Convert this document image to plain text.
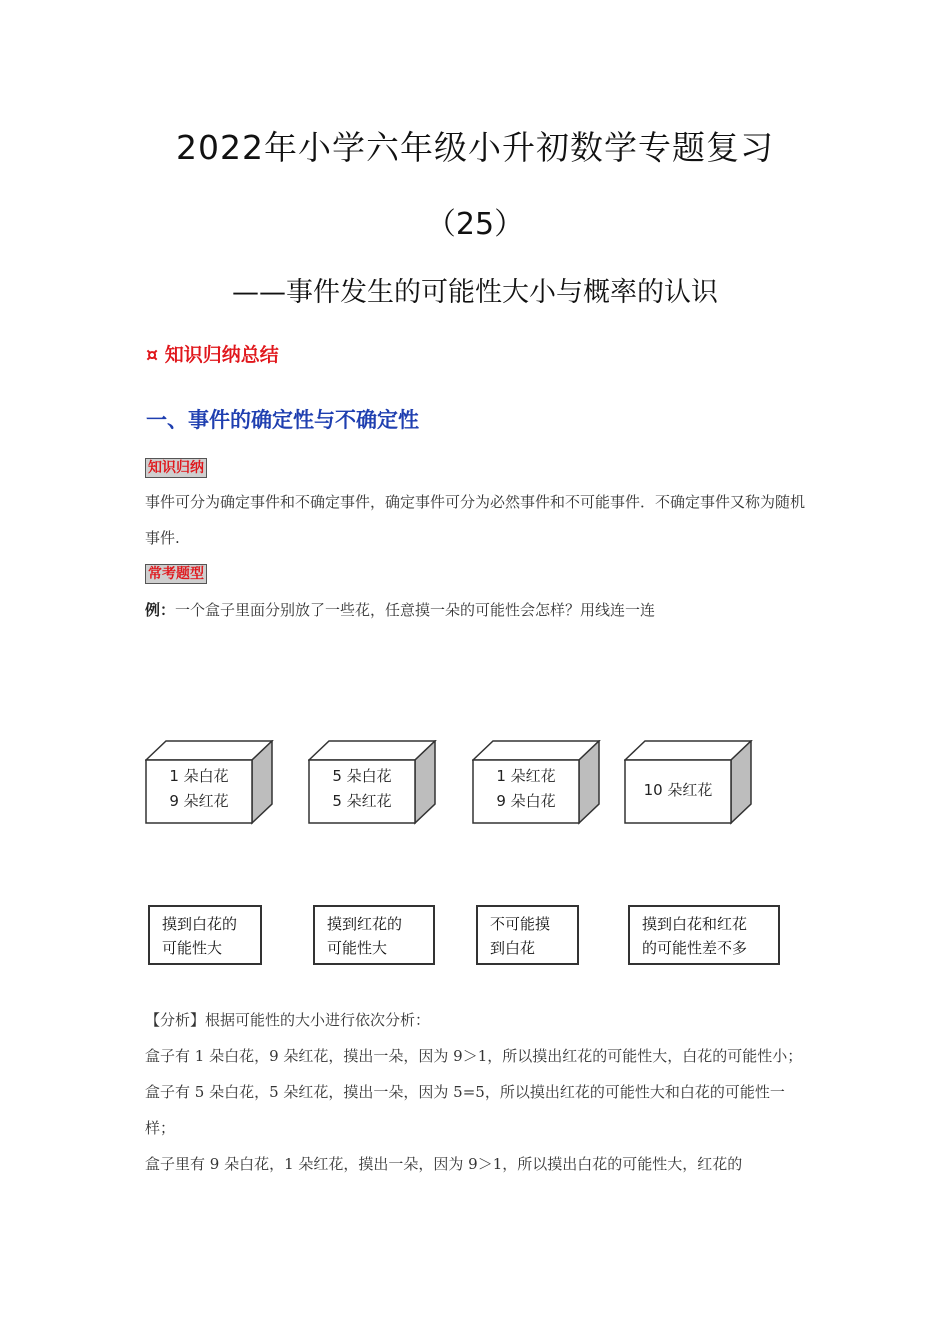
2022年小学六年级小升初数学专题复习
（25）
——事件发生的可能性大小与概率的认识
¤ 知识归纳总结
一、事件的确定性与不确定性
知识归纳
事件可分为确定事件和不确定事件，确定事件可分为必然事件和不可能事件．不确定事件又称为随机事件.
常考题型
例：一个盒子里面分别放了一些花，任意摸一朵的可能性会怎样？用线连一连
1 朵白花
9 朵红花
5 朵白花
5 朵红花
1 朵红花
9 朵白花
10 朵红花
摸到白花的
可能性大
摸到红花的
可能性大
不可能摸
到白花
摸到白花和红花
的可能性差不多
【分析】根据可能性的大小进行依次分析：
盒子有 1 朵白花，9 朵红花，摸出一朵，因为 9＞1，所以摸出红花的可能性大，白花的可能性小；
盒子有 5 朵白花，5 朵红花，摸出一朵，因为 5=5，所以摸出红花的可能性大和白花的可能性一样；
盒子里有 9 朵白花，1 朵红花，摸出一朵，因为 9＞1，所以摸出白花的可能性大，红花的
